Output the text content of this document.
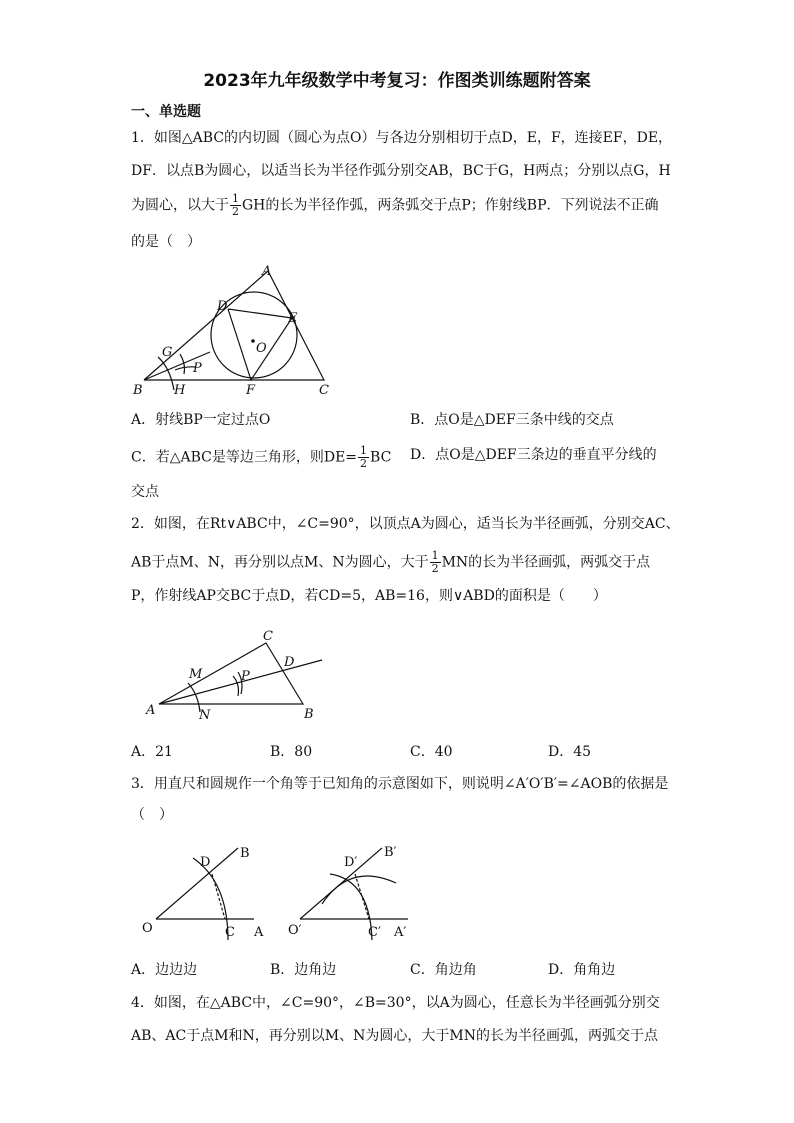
2023年九年级数学中考复习：作图类训练题附答案
一、单选题
1．如图△ABC的内切圆（圆心为点O）与各边分别相切于点D，E，F，连接EF，DE，
DF．以点B为圆心，以适当长为半径作弧分别交AB，BC于G，H两点；分别以点G，H
为圆心，以大于 $\frac{1}{2}$ GH的长为半径作弧，两条弧交于点P；作射线BP．下列说法不正确
的是（　）
A
B	C
D
E
F
G
H
O
P
A．射线BP一定过点O	B．点O是△DEF三条中线的交点
C．若△ABC是等边三角形，则$DE= \frac{1}{2}$ BC D．点O是△DEF三条边的垂直平分线的
交点
2．如图，在Rt∨ABC中，∠C=90°，以顶点A为圆心，适当长为半径画弧，分别交AC、
AB于点M、N，再分别以点M、N为圆心，大于 $\frac{1}{2}$ MN的长为半径画弧，两弧交于点
P，作射线AP交BC于点D，若CD=5，AB=16，则∨ABD的面积是（　　）
A	B
C
D
M
N
P
A．21	B．80	C．40	D．45
3．用直尺和圆规作一个角等于已知角的示意图如下，则说明∠A′O′B′=∠AOB的依据是
（　）
O	A
B
C
D
O′	A′
B′
C′
D′
A．边边边	B．边角边	C．角边角	D．角角边
4．如图，在△ABC中，∠C=90°，∠B=30°，以A为圆心，任意长为半径画弧分别交
AB、AC于点M和N，再分别以M、N为圆心，大于MN的长为半径画弧，两弧交于点
